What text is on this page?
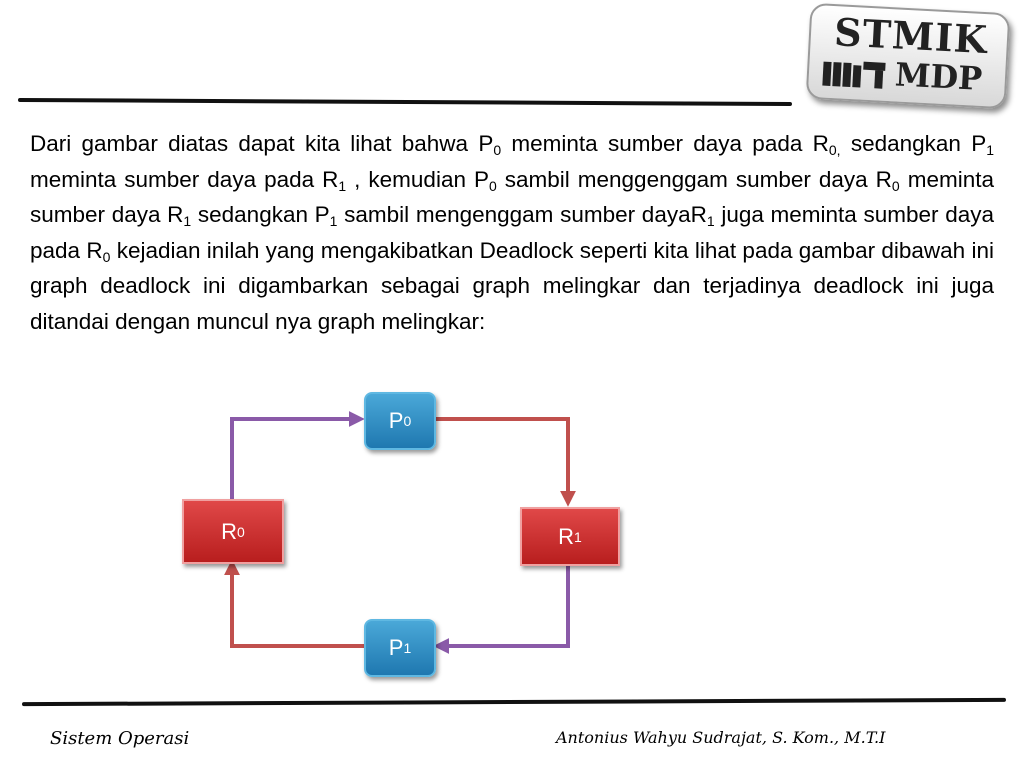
STMIK
MDP
Dari gambar diatas dapat kita lihat bahwa $P_0$ meminta sumber daya pada $R_{0,}$ sedangkan $P_1$ meminta sumber daya pada $R_1$ , kemudian $P_0$ sambil menggenggam sumber daya $R_0$ meminta sumber daya $R_1$ sedangkan $P_1$ sambil mengenggam sumber dayaR$_1$ juga meminta sumber daya pada $R_0$ kejadian inilah yang mengakibatkan Deadlock seperti kita lihat pada gambar dibawah ini graph deadlock ini digambarkan sebagai graph melingkar dan terjadinya deadlock ini juga ditandai dengan muncul nya graph melingkar:
P 0
P 1
R 0	R 1
Sistem Operasi	Antonius Wahyu Sudrajat, S. Kom., M.T.I
